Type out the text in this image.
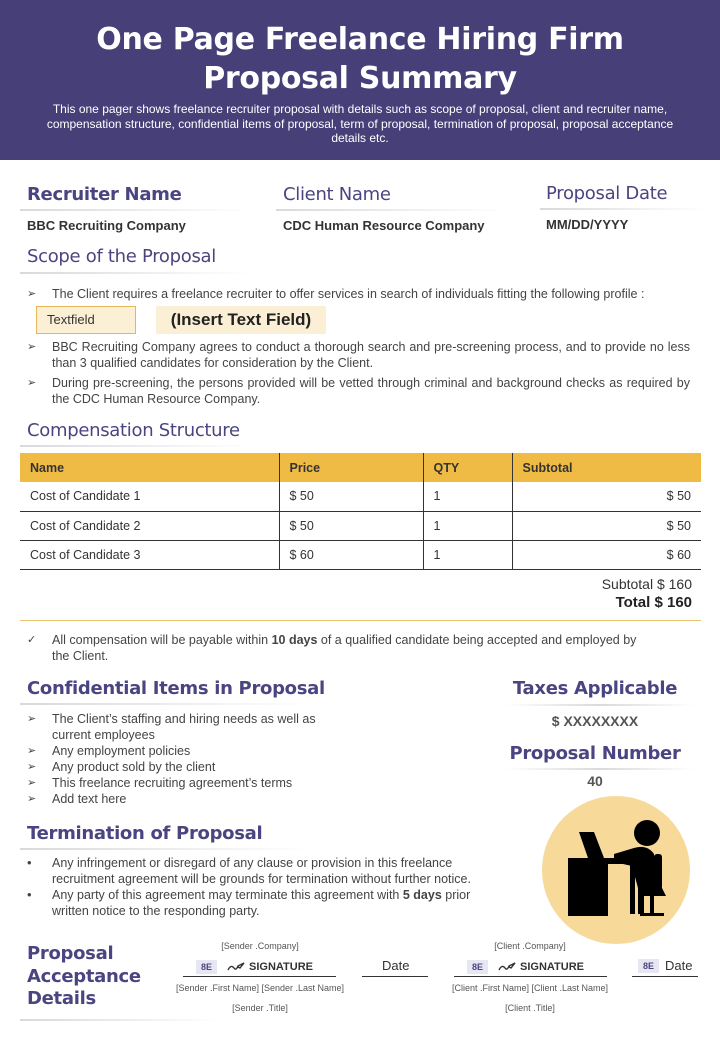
One Page Freelance Hiring Firm
Proposal Summary

This one pager shows freelance recruiter proposal with details such as scope of proposal, client and recruiter name, compensation structure, confidential items of proposal, term of proposal, termination of proposal, proposal acceptance details etc.

Recruiter Name
BBC Recruiting Company
Client Name
CDC Human Resource Company
Proposal Date
MM/DD/YYYY
Scope of the Proposal
➢ The Client requires a freelance recruiter to offer services in search of individuals fitting the following profile :
Textfield	(Insert Text Field)
➢ BBC Recruiting Company agrees to conduct a thorough search and pre-screening process, and to provide no less than 3 qualified candidates for consideration by the Client.
➢ During pre-screening, the persons provided will be vetted through criminal and background checks as required by the CDC Human Resource Company.
Compensation Structure
Name	Price	QTY	Subtotal
Cost of Candidate 1	$ 50	1	$ 50
Cost of Candidate 2	$ 50	1	$ 50
Cost of Candidate 3	$ 60	1	$ 60
Subtotal $ 160
Total $ 160
✓ All compensation will be payable within 10 days of a qualified candidate being accepted and employed by the Client.
Confidential Items in Proposal
➢ The Client’s staffing and hiring needs as well as current employees
➢ Any employment policies
➢ Any product sold by the client
➢ This freelance recruiting agreement’s terms
➢ Add text here
Taxes Applicable
$ XXXXXXXX
Proposal Number
40
Termination of Proposal
• Any infringement or disregard of any clause or provision in this freelance recruitment agreement will be grounds for termination without further notice.
• Any party of this agreement may terminate this agreement with 5 days prior written notice to the responding party.
Proposal
Acceptance
Details
[Sender .Company]
8E	SIGNATURE
[Sender .First Name] [Sender .Last Name]
[Sender .Title]
Date
[Client .Company]
8E	SIGNATURE
[Client .First Name] [Client .Last Name]
[Client .Title]
8E Date
